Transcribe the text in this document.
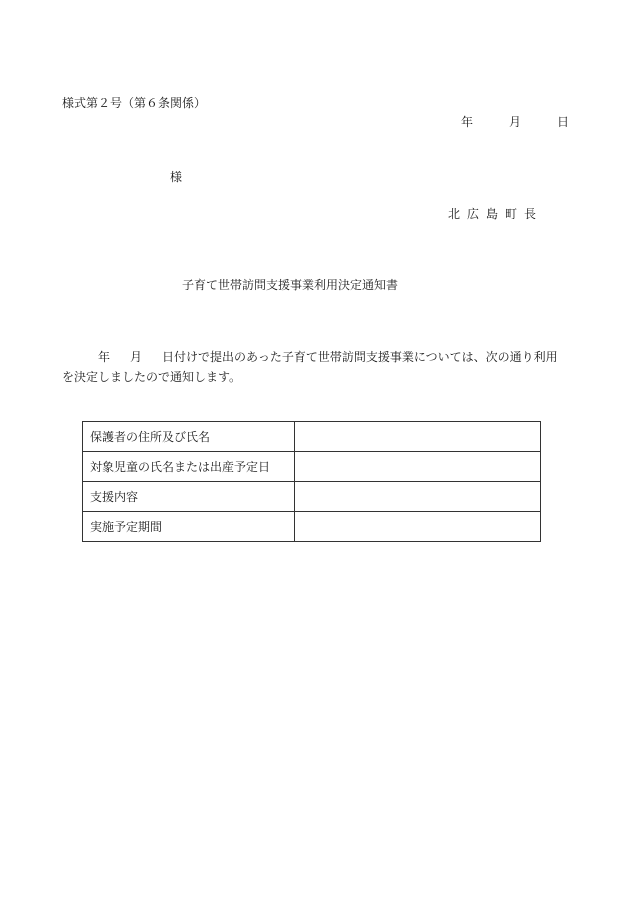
様式第２号（第６条関係）
年	月	日
様
北広島町長
子育て世帯訪問支援事業利用決定通知書
年 月 日付けで提出のあった子育て世帯訪問支援事業については、次の通り利用
を決定しましたので通知します。
保護者の住所及び氏名	
対象児童の氏名または出産予定日	
支援内容	
実施予定期間	
